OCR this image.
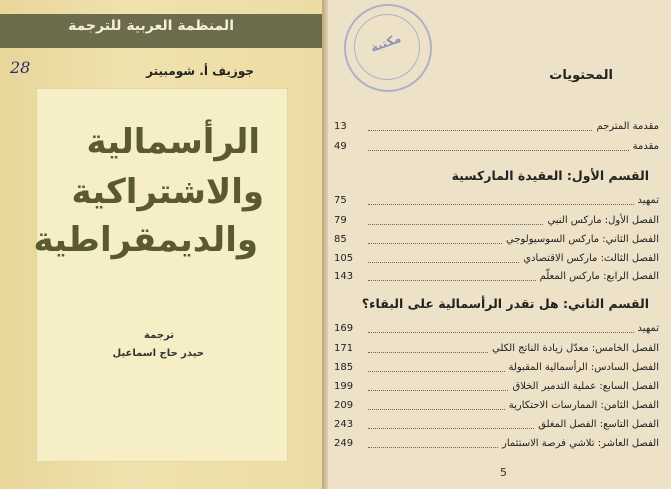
المنظمة العربية للترجمة
28	جوزيف أ. شومبيتر
الرأسمالية
والاشتراكية
والديمقراطية
ترجمة
حيدر حاج اسماعيل
مكتبة
المحتويات
مقدمة المترجم
13
مقدمة
49
القسم الأول: العقيدة الماركسية
تمهيد
75
الفصل الأول: ماركس النبي
79
الفصل الثاني: ماركس السوسيولوجي
85
الفصل الثالث: ماركس الاقتصادي
105
الفصل الرابع: ماركس المعلّم
143
القسم الثاني: هل تقدر الرأسمالية على البقاء؟
تمهيد
169
الفصل الخامس: معدّل زيادة الناتج الكلي
171
الفصل السادس: الرأسمالية المقبولة
185
الفصل السابع: عملية التدمير الخلاق
199
الفصل الثامن: الممارسات الاحتكارية
209
الفصل التاسع: الفصل المغلق
243
الفصل العاشر: تلاشي فرصة الاستثمار
249
5
